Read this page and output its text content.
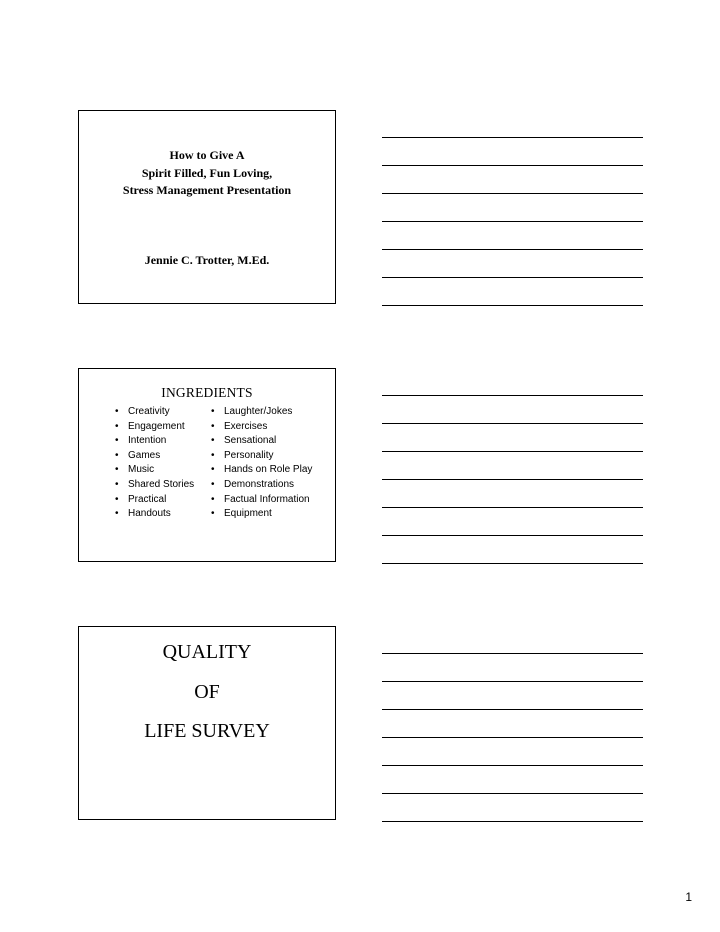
How to Give A
Spirit Filled, Fun Loving,
Stress Management Presentation
Jennie C. Trotter, M.Ed.
INGREDIENTS
• Creativity
• Engagement
• Intention
• Games
• Music
• Shared Stories
• Practical
• Handouts
• Laughter/Jokes
• Exercises
• Sensational
• Personality
• Hands on Role Play
• Demonstrations
• Factual Information
• Equipment
QUALITY
OF
LIFE SURVEY
1
